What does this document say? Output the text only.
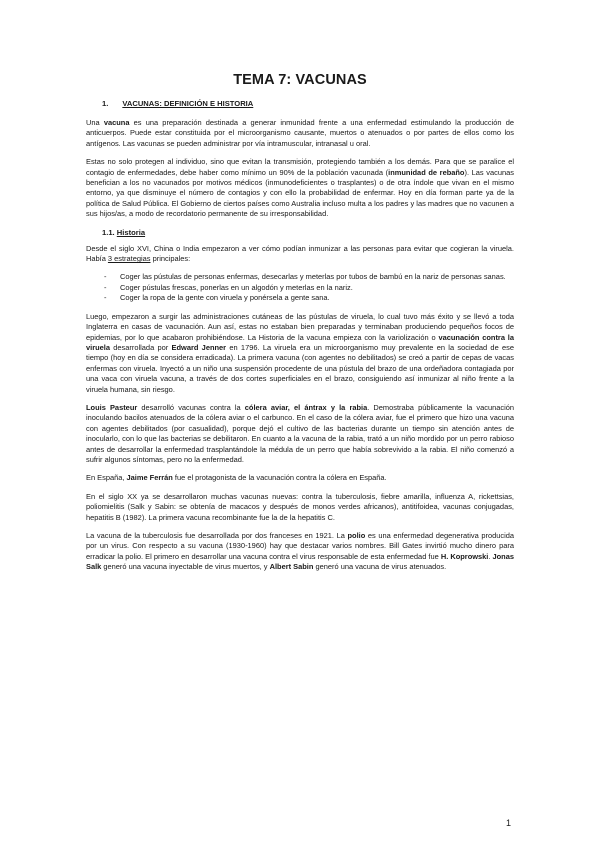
TEMA 7: VACUNAS
1. VACUNAS: DEFINICIÓN E HISTORIA

Una vacuna es una preparación destinada a generar inmunidad frente a una enfermedad estimulando la producción de anticuerpos. Puede estar constituida por el microorganismo causante, muertos o atenuados o por partes de ellos como los antígenos. Las vacunas se pueden administrar por vía intramuscular, intranasal u oral.

Estas no solo protegen al individuo, sino que evitan la transmisión, protegiendo también a los demás. Para que se paralice el contagio de enfermedades, debe haber como mínimo un 90% de la población vacunada (inmunidad de rebaño). Las vacunas benefician a los no vacunados por motivos médicos (inmunodeficientes o trasplantes) o de otra índole que vivan en el mismo entorno, ya que disminuye el número de contagios y con ello la probabilidad de enfermar. Hoy en día forman parte ya de la política de Salud Pública. El Gobierno de ciertos países como Australia incluso multa a los padres y las madres que no vacunen a sus hijos/as, a modo de recordatorio permanente de su irresponsabilidad.

1.1. Historia

Desde el siglo XVI, China o India empezaron a ver cómo podían inmunizar a las personas para evitar que cogieran la viruela. Había 3 estrategias principales:

- Coger las pústulas de personas enfermas, desecarlas y meterlas por tubos de bambú en la nariz de personas sanas.
- Coger pústulas frescas, ponerlas en un algodón y meterlas en la nariz.
- Coger la ropa de la gente con viruela y ponérsela a gente sana.

Luego, empezaron a surgir las administraciones cutáneas de las pústulas de viruela, lo cual tuvo más éxito y se llevó a toda Inglaterra en casas de vacunación. Aun así, estas no estaban bien preparadas y terminaban produciendo pequeños focos de epidemias, por lo que acabaron prohibiéndose. La Historia de la vacuna empieza con la variolización o vacunación contra la viruela desarrollada por Edward Jenner en 1796. La viruela era un microorganismo muy prevalente en la sociedad de ese tiempo (hoy en día se considera erradicada). La primera vacuna (con agentes no debilitados) se creó a partir de cepas de vacas enfermas con viruela. Inyectó a un niño una suspensión procedente de una pústula del brazo de una ordeñadora contagiada por una vaca con viruela vacuna, a través de dos cortes superficiales en el brazo, consiguiendo así inmunizar al niño frente a la viruela humana, sin riesgo.

Louis Pasteur desarrolló vacunas contra la cólera aviar, el ántrax y la rabia. Demostraba públicamente la vacunación inoculando bacilos atenuados de la cólera aviar o el carbunco. En el caso de la cólera aviar, fue el primero que hizo una vacuna con agentes debilitados (por casualidad), porque dejó el cultivo de las bacterias durante un tiempo sin atención antes de inocularlo, con lo que las bacterias se debilitaron. En cuanto a la vacuna de la rabia, trató a un niño mordido por un perro rabioso antes de desarrollar la enfermedad trasplantándole la médula de un perro que había sobrevivido a la rabia. El niño comenzó a sufrir algunos síntomas, pero no la enfermedad.

En España, Jaime Ferrán fue el protagonista de la vacunación contra la cólera en España.

En el siglo XX ya se desarrollaron muchas vacunas nuevas: contra la tuberculosis, fiebre amarilla, influenza A, rickettsias, poliomielitis (Salk y Sabin: se obtenía de macacos y después de monos verdes africanos), antitifoidea, vacunas conjugadas, hepatitis B (1982). La primera vacuna recombinante fue la de la hepatitis C.

La vacuna de la tuberculosis fue desarrollada por dos franceses en 1921. La polio es una enfermedad degenerativa producida por un virus. Con respecto a su vacuna (1930-1960) hay que destacar varios nombres. Bill Gates invirtió mucho dinero para erradicar la polio. El primero en desarrollar una vacuna contra el virus responsable de esta enfermedad fue H. Koprowski. Jonas Salk generó una vacuna inyectable de virus muertos, y Albert Sabin generó una vacuna de virus atenuados.

1
